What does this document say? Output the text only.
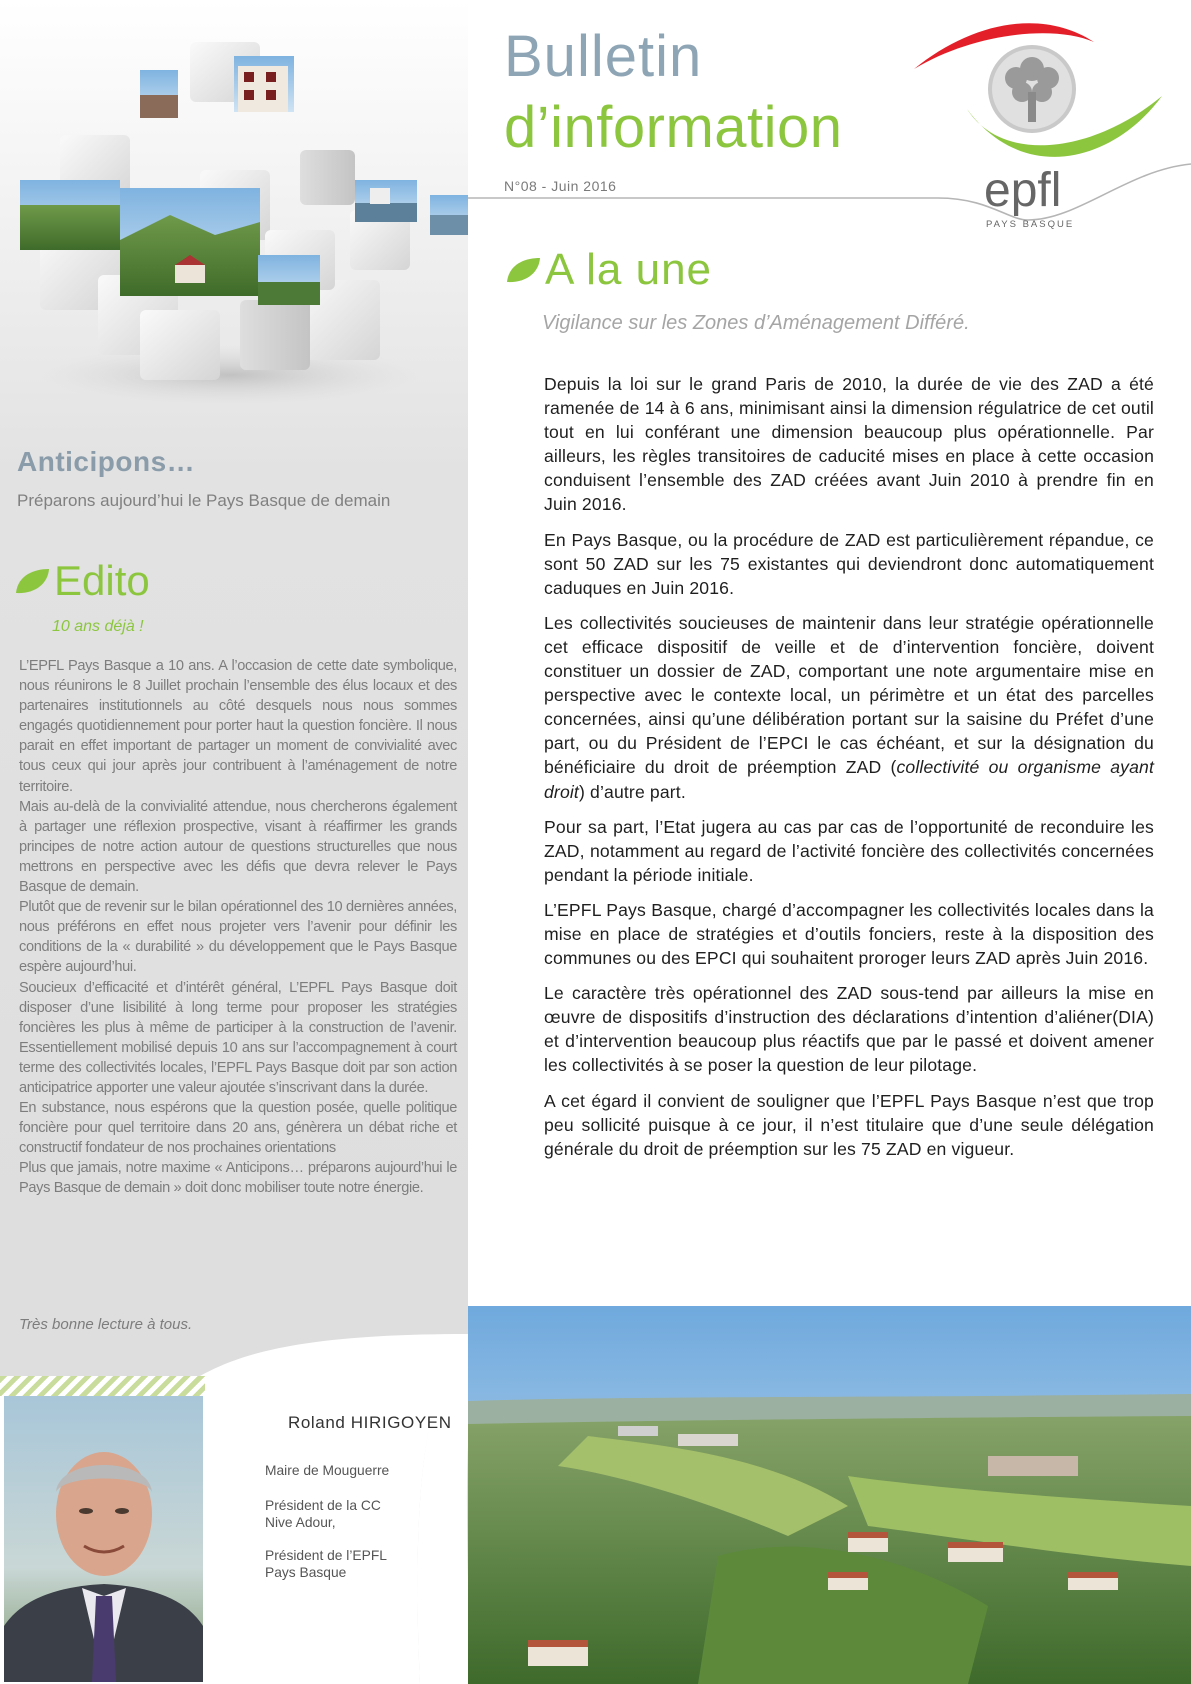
Anticipons…
Préparons aujourd’hui le Pays Basque de demain
Edito
10 ans déjà !

L’EPFL Pays Basque a 10 ans. A l’occasion de cette date symbolique, nous réunirons le 8 Juillet prochain l’ensemble des élus locaux et des partenaires institutionnels au côté desquels nous nous sommes engagés quotidiennement pour porter haut la question foncière. Il nous parait en effet important de partager un moment de convivialité avec tous ceux qui jour après jour contribuent à l’aménagement de notre territoire.

Mais au-delà de la convivialité attendue, nous chercherons également à partager une réflexion prospective, visant à réaffirmer les grands principes de notre action autour de questions structurelles que nous mettrons en perspective avec les défis que devra relever le Pays Basque de demain.

Plutôt que de revenir sur le bilan opérationnel des 10 dernières années, nous préférons en effet nous projeter vers l’avenir pour définir les conditions de la « durabilité » du développement que le Pays Basque espère aujourd’hui.

Soucieux d’efficacité et d’intérêt général, L’EPFL Pays Basque doit disposer d’une lisibilité à long terme pour proposer les stratégies foncières les plus à même de participer à la construction de l’avenir. Essentiellement mobilisé depuis 10 ans sur l’accompagnement à court terme des collectivités locales, l’EPFL Pays Basque doit par son action anticipatrice apporter une valeur ajoutée s’inscrivant dans la durée.

En substance, nous espérons que la question posée, quelle politique foncière pour quel territoire dans 20 ans, génèrera un débat riche et constructif fondateur de nos prochaines orientations

Plus que jamais, notre maxime « Anticipons… préparons aujourd’hui le Pays Basque de demain » doit donc mobiliser toute notre énergie.

Très bonne lecture à tous.
Roland HIRIGOYEN
Maire de Mouguerre
Président de la CC Nive Adour,
Président de l’EPFL Pays Basque
Bulletin
d’information
N°08 - Juin 2016	epfl
PAYS BASQUE
A la une
Vigilance sur les Zones d’Aménagement Différé.

Depuis la loi sur le grand Paris de 2010, la durée de vie des ZAD a été ramenée de 14 à 6 ans, minimisant ainsi la dimension régulatrice de cet outil tout en lui conférant une dimension beaucoup plus opérationnelle. Par ailleurs, les règles transitoires de caducité mises en place à cette occasion conduisent l’ensemble des ZAD créées avant Juin 2010 à prendre fin en Juin 2016.

En Pays Basque, ou la procédure de ZAD est particulièrement répandue, ce sont 50 ZAD sur les 75 existantes qui deviendront donc automatiquement caduques en Juin 2016.

Les collectivités soucieuses de maintenir dans leur stratégie opérationnelle cet efficace dispositif de veille et de d’intervention foncière, doivent constituer un dossier de ZAD, comportant une note argumentaire mise en perspective avec le contexte local, un périmètre et un état des parcelles concernées, ainsi qu’une délibération portant sur la saisine du Préfet d’une part, ou du Président de l’EPCI le cas échéant, et sur la désignation du bénéficiaire du droit de préemption ZAD (collectivité ou organisme ayant droit) d’autre part.

Pour sa part, l’Etat jugera au cas par cas de l’opportunité de reconduire les ZAD, notamment au regard de l’activité foncière des collectivités concernées pendant la période initiale.

L’EPFL Pays Basque, chargé d’accompagner les collectivités locales dans la mise en place de stratégies et d’outils fonciers, reste à la disposition des communes ou des EPCI qui souhaitent proroger leurs ZAD après Juin 2016.

Le caractère très opérationnel des ZAD sous-tend par ailleurs la mise en œuvre de dispositifs d’instruction des déclarations d’intention d’aliéner(DIA) et d’intervention beaucoup plus réactifs que par le passé et doivent amener les collectivités à se poser la question de leur pilotage.

A cet égard il convient de souligner que l’EPFL Pays Basque n’est que trop peu sollicité puisque à ce jour, il n’est titulaire que d’une seule délégation générale du droit de préemption sur les 75 ZAD en vigueur.
